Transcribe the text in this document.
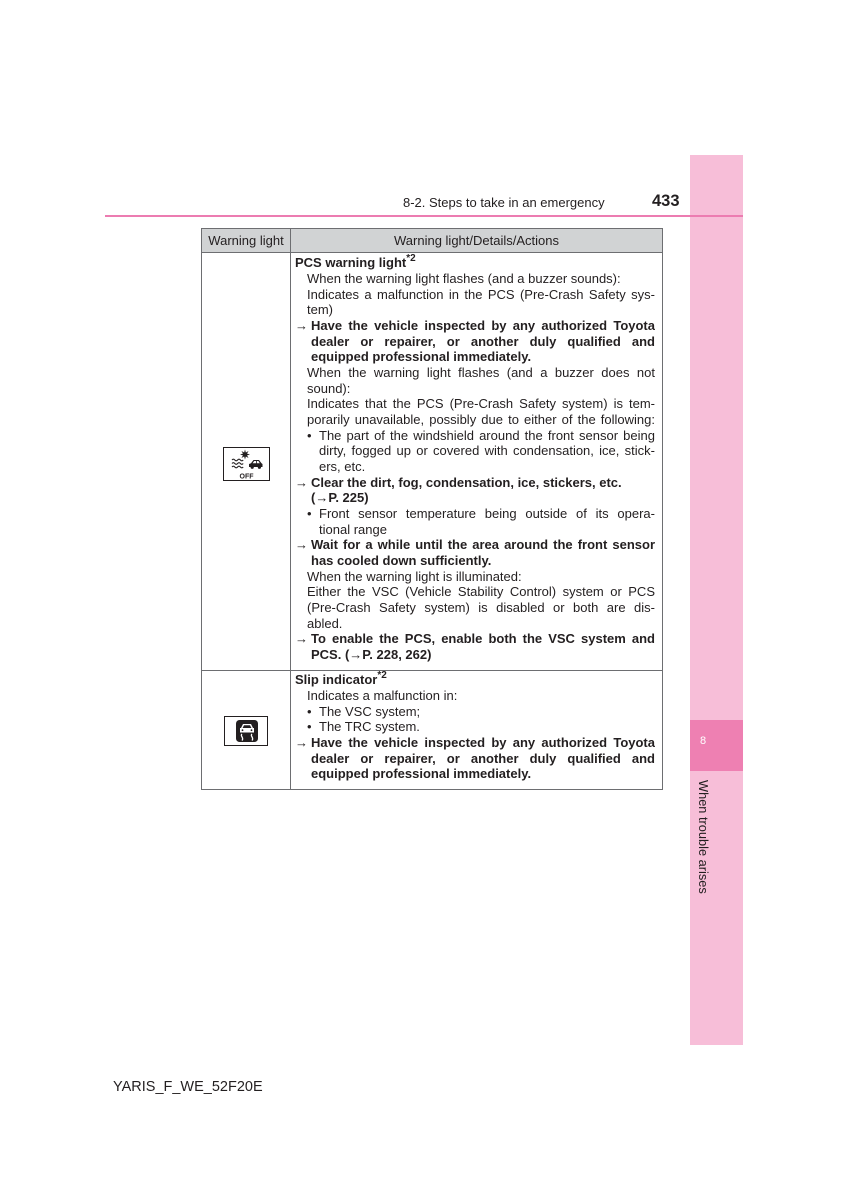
8
When trouble arises
8-2. Steps to take in an emergency	433
Warning light	Warning light/Details/Actions
OFF
PCS warning light$^{*2}$
When the warning light flashes (and a buzzer sounds):
Indicates a malfunction in the PCS (Pre-Crash Safety sys-
tem)
→ Have the vehicle inspected by any authorized Toyota
dealer or repairer, or another duly qualified and
equipped professional immediately.
When the warning light flashes (and a buzzer does not
sound):
Indicates that the PCS (Pre-Crash Safety system) is tem-
porarily unavailable, possibly due to either of the following:
• The part of the windshield around the front sensor being
dirty, fogged up or covered with condensation, ice, stick-
ers, etc.
→ Clear the dirt, fog, condensation, ice, stickers, etc.
(→P. 225)
• Front sensor temperature being outside of its opera-
tional range
→ Wait for a while until the area around the front sensor
has cooled down sufficiently.
When the warning light is illuminated:
Either the VSC (Vehicle Stability Control) system or PCS
(Pre-Crash Safety system) is disabled or both are dis-
abled.
→ To enable the PCS, enable both the VSC system and
PCS. (→P. 228, 262)
Slip indicator$^{*2}$
Indicates a malfunction in:
• The VSC system;
• The TRC system.
→ Have the vehicle inspected by any authorized Toyota
dealer or repairer, or another duly qualified and
equipped professional immediately.
YARIS_F_WE_52F20E
